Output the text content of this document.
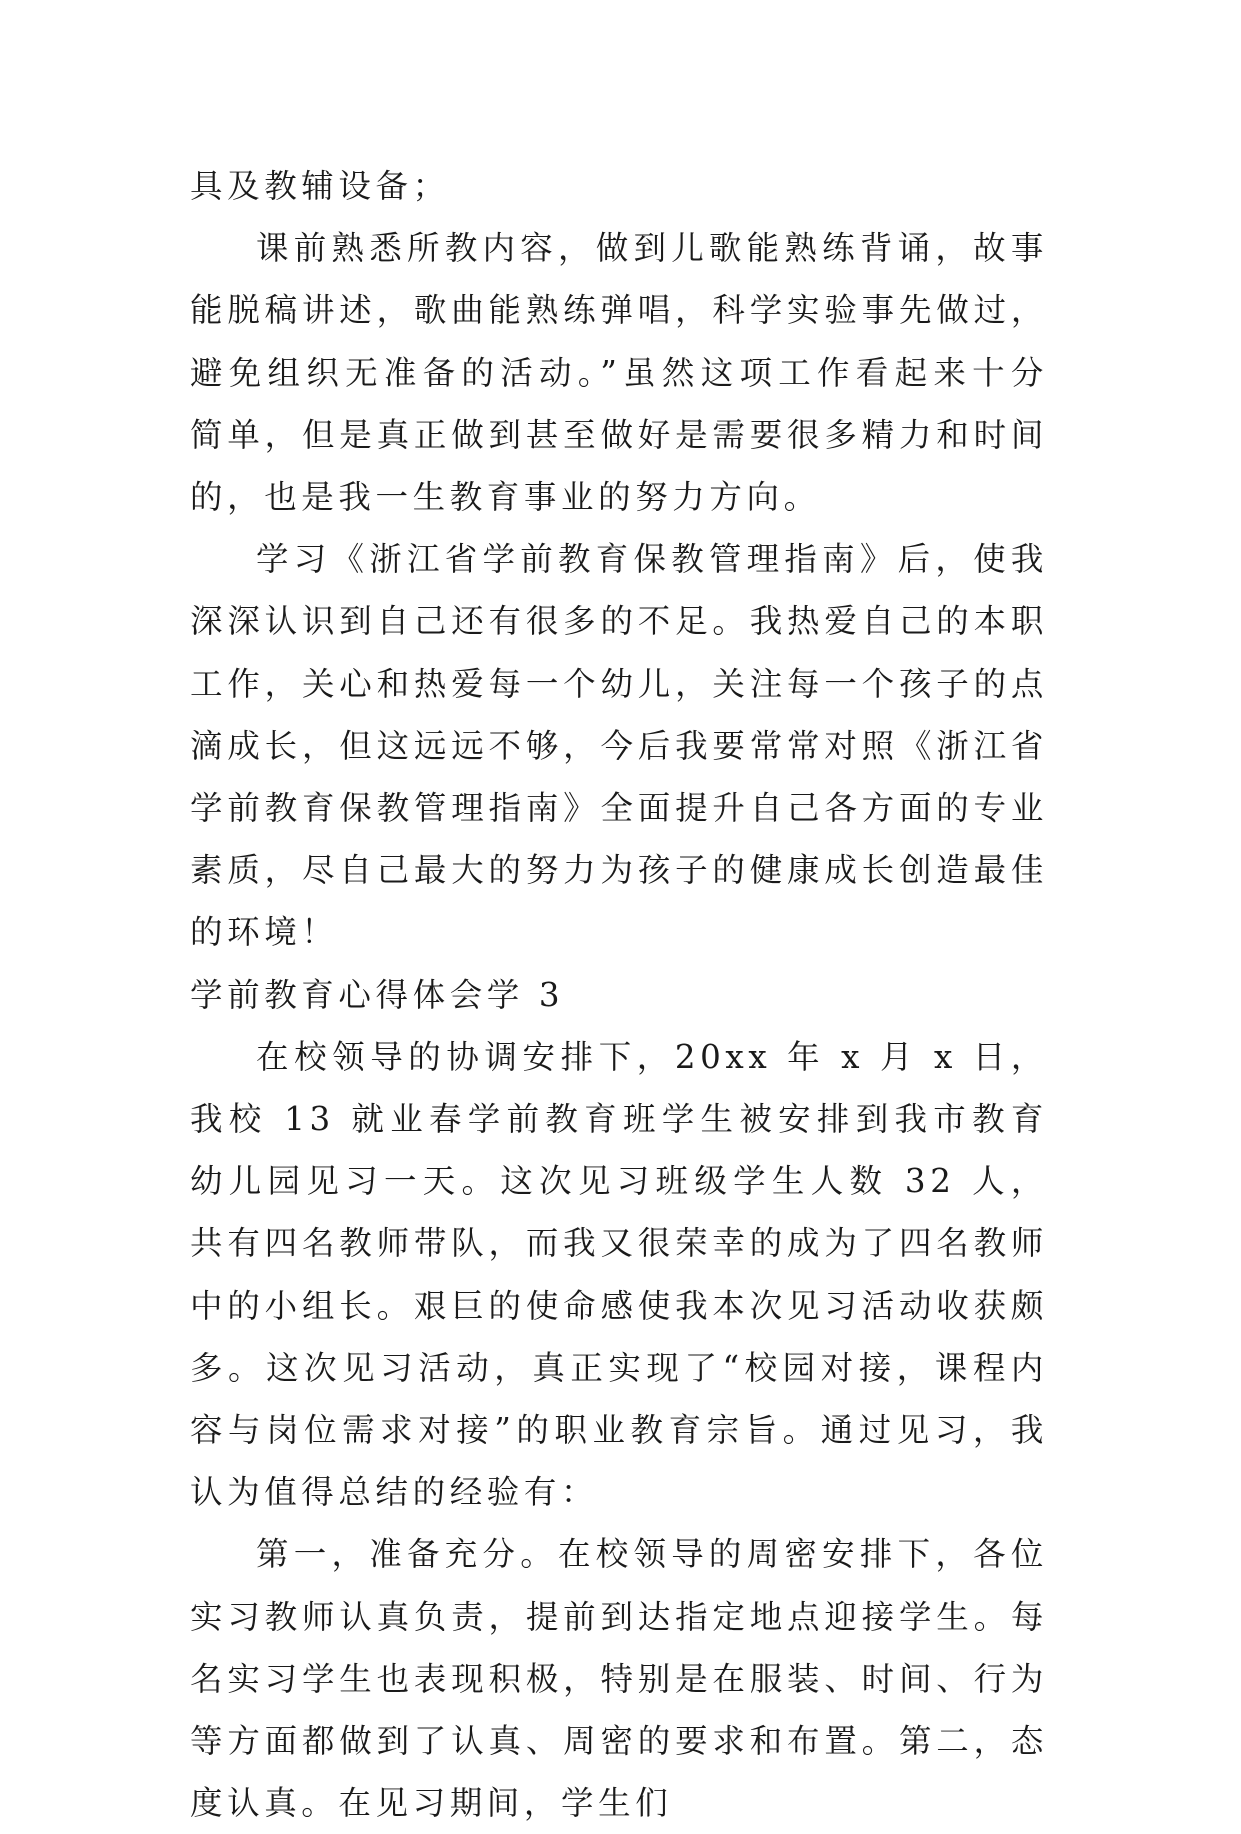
具及教辅设备；

课前熟悉所教内容，做到儿歌能熟练背诵，故事能脱稿讲述，歌曲能熟练弹唱，科学实验事先做过，避免组织无准备的活动。”虽然这项工作看起来十分简单，但是真正做到甚至做好是需要很多精力和时间的，也是我一生教育事业的努力方向。

学习《浙江省学前教育保教管理指南》后，使我深深认识到自己还有很多的不足。我热爱自己的本职工作，关心和热爱每一个幼儿，关注每一个孩子的点滴成长，但这远远不够，今后我要常常对照《浙江省学前教育保教管理指南》全面提升自己各方面的专业素质，尽自己最大的努力为孩子的健康成长创造最佳的环境！

学前教育心得体会学 3

在校领导的协调安排下，20xx 年 x 月 x 日，我校 13 就业春学前教育班学生被安排到我市教育幼儿园见习一天。这次见习班级学生人数 32 人，共有四名教师带队，而我又很荣幸的成为了四名教师中的小组长。艰巨的使命感使我本次见习活动收获颇多。这次见习活动，真正实现了“校园对接，课程内容与岗位需求对接”的职业教育宗旨。通过见习，我认为值得总结的经验有：

第一，准备充分。在校领导的周密安排下，各位实习教师认真负责，提前到达指定地点迎接学生。每名实习学生也表现积极，特别是在服装、时间、行为等方面都做到了认真、周密的要求和布置。第二，态度认真。在见习期间，学生们
